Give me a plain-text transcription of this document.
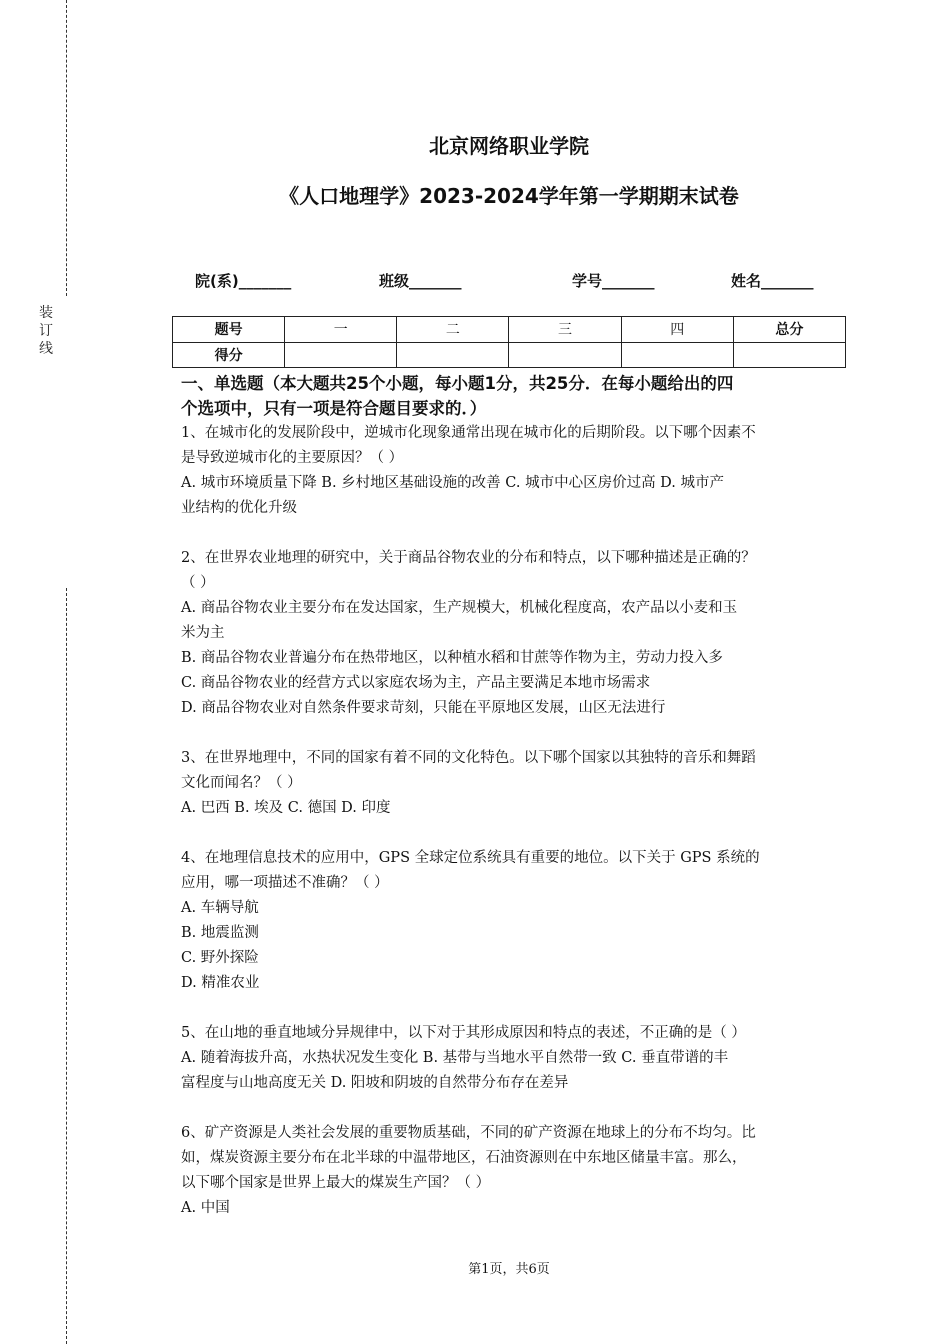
装订线
北京网络职业学院
《人口地理学》2023-2024学年第一学期期末试卷
院(系)_______	班级_______	学号_______	姓名_______
题号	一	二	三	四	总分
得分					
一、单选题（本大题共25个小题，每小题1分，共25分．在每小题给出的四
个选项中，只有一项是符合题目要求的．）
1、在城市化的发展阶段中，逆城市化现象通常出现在城市化的后期阶段。以下哪个因素不
是导致逆城市化的主要原因？（ ）
A. 城市环境质量下降 B. 乡村地区基础设施的改善 C. 城市中心区房价过高 D. 城市产
业结构的优化升级
2、在世界农业地理的研究中，关于商品谷物农业的分布和特点，以下哪种描述是正确的？
（ ）
A. 商品谷物农业主要分布在发达国家，生产规模大，机械化程度高，农产品以小麦和玉
米为主
B. 商品谷物农业普遍分布在热带地区，以种植水稻和甘蔗等作物为主，劳动力投入多
C. 商品谷物农业的经营方式以家庭农场为主，产品主要满足本地市场需求
D. 商品谷物农业对自然条件要求苛刻，只能在平原地区发展，山区无法进行
3、在世界地理中，不同的国家有着不同的文化特色。以下哪个国家以其独特的音乐和舞蹈
文化而闻名？（ ）
A. 巴西 B. 埃及 C. 德国 D. 印度
4、在地理信息技术的应用中，GPS 全球定位系统具有重要的地位。以下关于 GPS 系统的
应用，哪一项描述不准确？（ ）
A. 车辆导航
B. 地震监测
C. 野外探险
D. 精准农业
5、在山地的垂直地域分异规律中，以下对于其形成原因和特点的表述，不正确的是（ ）
A. 随着海拔升高，水热状况发生变化 B. 基带与当地水平自然带一致 C. 垂直带谱的丰
富程度与山地高度无关 D. 阳坡和阴坡的自然带分布存在差异
6、矿产资源是人类社会发展的重要物质基础，不同的矿产资源在地球上的分布不均匀。比
如，煤炭资源主要分布在北半球的中温带地区，石油资源则在中东地区储量丰富。那么，
以下哪个国家是世界上最大的煤炭生产国？（ ）
A. 中国
第1页，共6页
